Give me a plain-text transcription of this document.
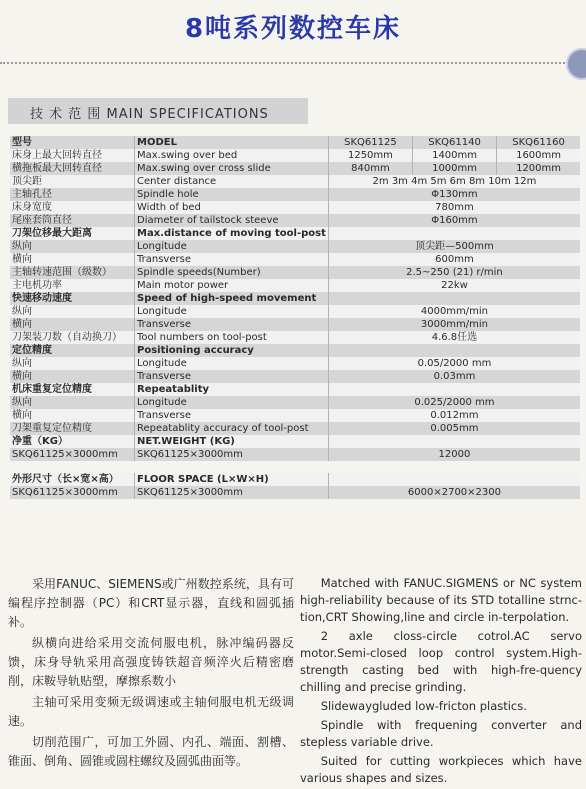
8吨系列数控车床
技 术 范 围 MAIN SPECIFICATIONS
型号	MODEL	SKQ61125	SKQ61140	SKQ61160
床身上最大回转直径	Max.swing over bed	1250mm	1400mm	1600mm
横拖板最大回转直径	Max.swing over cross slide	840mm	1000mm	1200mm
顶尖距	Center distance	2m 3m 4m 5m 6m 8m 10m 12m		
主轴孔径	Spindle hole	Φ130mm		
床身宽度	Width of bed	780mm		
尾座套筒直径	Diameter of tailstock steeve	Φ160mm		
刀架位移最大距离	Max.distance of moving tool-post			
纵向	Longitude	顶尖距—500mm		
横向	Transverse	600mm		
主轴转速范围（级数）	Spindle speeds(Number)	2.5~250 (21) r/min		
主电机功率	Main motor power	22kw		
快速移动速度	Speed of high-speed movement			
纵向	Longitude	4000mm/min		
横向	Transverse	3000mm/min		
刀架装刀数（自动换刀）	Tool numbers on tool-post	4.6.8任选		
定位精度	Positioning accuracy			
纵向	Longitude	0.05/2000 mm		
横向	Transverse	0.03mm		
机床重复定位精度	Repeatablity			
纵向	Longitude	0.025/2000 mm		
横向	Transverse	0.012mm		
刀架重复定位精度	Repeatablity accuracy of tool-post	0.005mm		
净重（KG）	NET.WEIGHT (KG)			
SKQ61125×3000mm	SKQ61125×3000mm	12000		

外形尺寸（长×宽×高）	FLOOR SPACE (L×W×H)			
SKQ61125×3000mm	SKQ61125×3000mm	6000×2700×2300		

采用FANUC、SIEMENS或广州数控系统，具有可编程序控制器（PC）和CRT显示器，直线和圆弧插补。

纵横向进给采用交流伺服电机，脉冲编码器反馈，床身导轨采用高强度铸铁超音频淬火后精密磨削，床鞍导轨贴塑，摩擦系数小

主轴可采用变频无级调速或主轴伺服电机无级调速。

切削范围广，可加工外圆、内孔、端面、割槽、锥面、倒角、圆锥或圆柱螺纹及圆弧曲面等。

Matched with FANUC.SIGMENS or NC system high-reliability because of its STD totalline strnc-tion,CRT Showing,line and circle in-terpolation.

2 axle closs-circle cotrol.AC servo motor.Semi-closed loop control system.High-strength casting bed with high-fre-quency chilling and precise grinding.

Slidewaygluded low-fricton plastics.

Spindle with frequening converter and stepless variable drive.

Suited for cutting workpieces which have various shapes and sizes.
